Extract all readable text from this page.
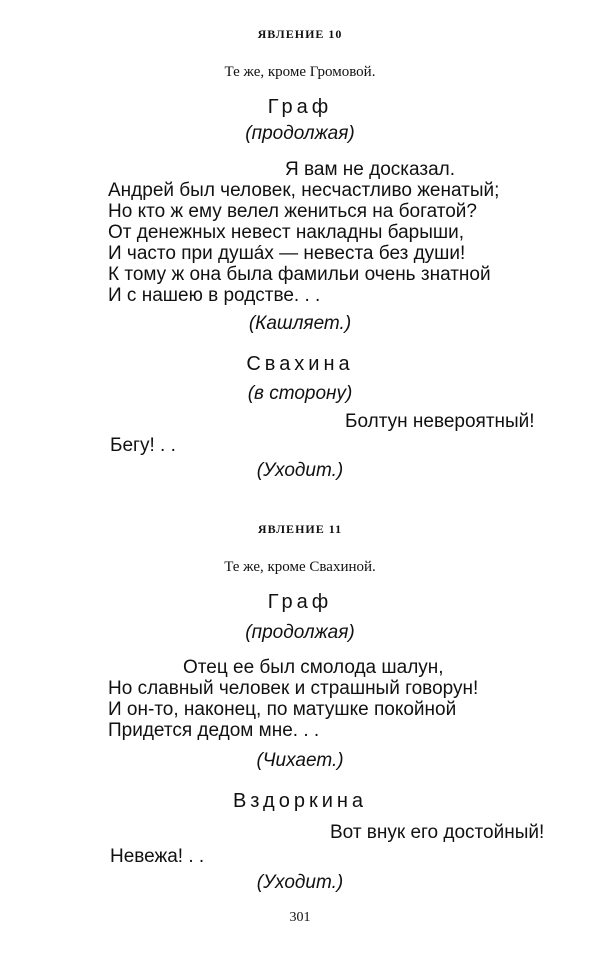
ЯВЛЕНИЕ 10
Те же, кроме Громовой.
Граф
(продолжая)
Я вам не досказал.
Андрей был человек, несчастливо женатый;
Но кто ж ему велел жениться на богатой?
От денежных невест накладны барыши,
И часто при душáх — невеста без души!
К тому ж она была фамильи очень знатной
И с нашею в родстве. . .
(Кашляет.)
Свахина
(в сторону)
Болтун невероятный!
Бегу! . .
(Уходит.)
ЯВЛЕНИЕ 11
Те же, кроме Свахиной.
Граф
(продолжая)
Отец ее был смолода шалун,
Но славный человек и страшный говорун!
И он-то, наконец, по матушке покойной
Придется дедом мне. . .
(Чихает.)
Вздоркина
Вот внук его достойный!
Невежа! . .
(Уходит.)
301
